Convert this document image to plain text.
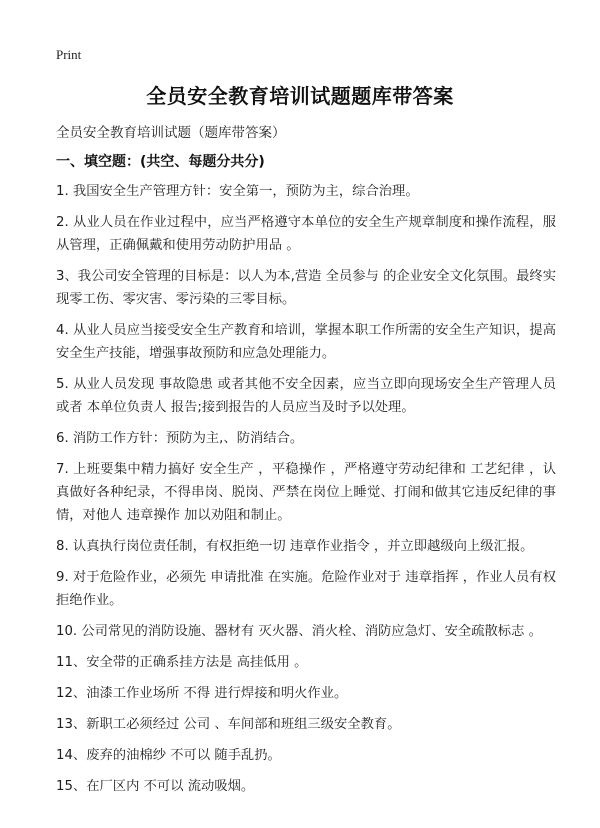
Print
全员安全教育培训试题题库带答案
全员安全教育培训试题（题库带答案）
一、填空题：(共空、每题分共分)
1. 我国安全生产管理方针：安全第一，预防为主，综合治理。
2. 从业人员在作业过程中，应当严格遵守本单位的安全生产规章制度和操作流程，服从管理，正确佩戴和使用劳动防护用品 。
3、我公司安全管理的目标是：以人为本,营造 全员参与 的企业安全文化氛围。最终实 现零工伤、零灾害、零污染的三零目标。
4. 从业人员应当接受安全生产教育和培训，掌握本职工作所需的安全生产知识，提高安全生产技能，增强事故预防和应急处理能力。
5. 从业人员发现 事故隐患 或者其他不安全因素，应当立即向现场安全生产管理人员或者 本单位负责人 报告;接到报告的人员应当及时予以处理。
6. 消防工作方针：预防为主,、防消结合。
7. 上班要集中精力搞好 安全生产 ，平稳操作 ，严格遵守劳动纪律和 工艺纪律 ，认真做好各种纪录，不得串岗、脱岗、严禁在岗位上睡觉、打闹和做其它违反纪律的事情，对他人 违章操作 加以劝阻和制止。
8. 认真执行岗位责任制，有权拒绝一切 违章作业指令 ，并立即越级向上级汇报。
9. 对于危险作业，必须先 申请批准 在实施。危险作业对于 违章指挥 ，作业人员有权拒绝作业。
10. 公司常见的消防设施、器材有 灭火器、消火栓、消防应急灯、安全疏散标志 。
11、安全带的正确系挂方法是 高挂低用 。
12、油漆工作业场所 不得 进行焊接和明火作业。
13、新职工必须经过 公司 、车间部和班组三级安全教育。
14、废弃的油棉纱 不可以 随手乱扔。
15、在厂区内 不可以 流动吸烟。
